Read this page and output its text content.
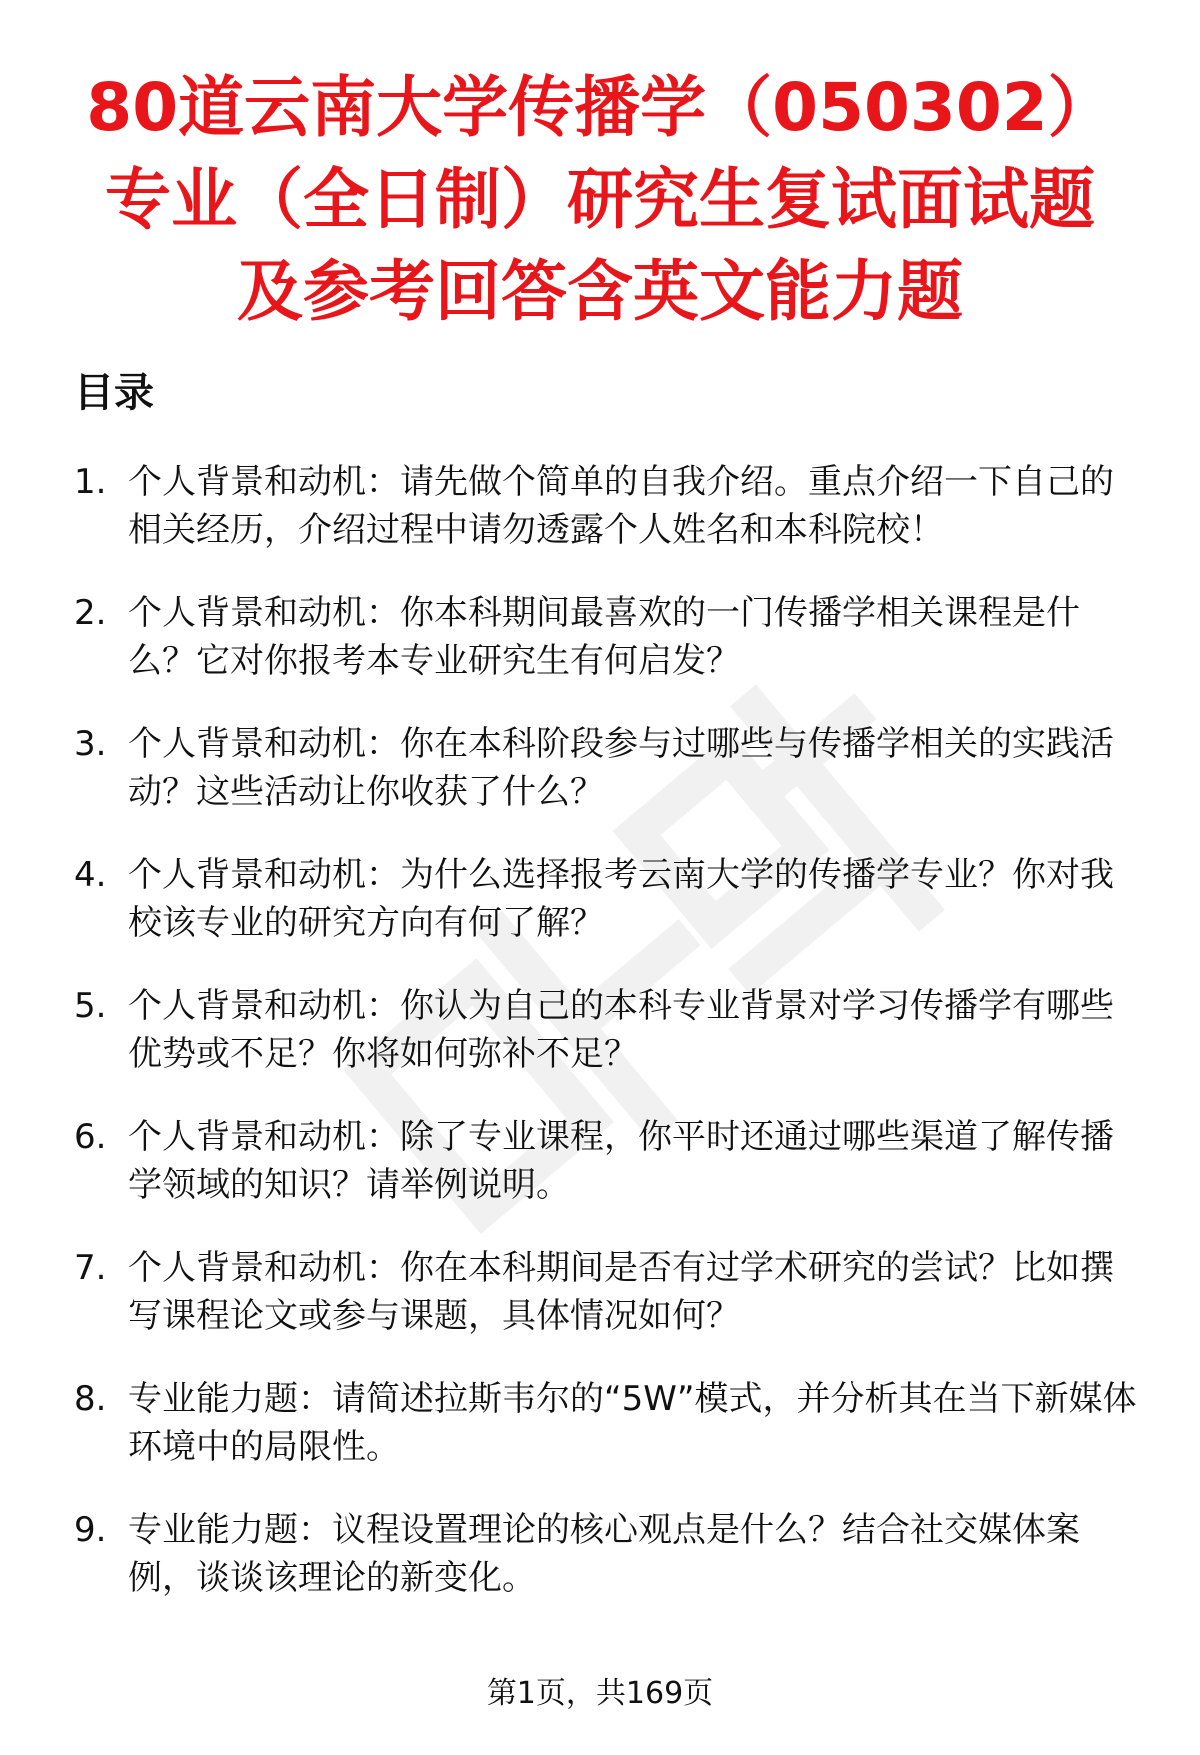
80道云南大学传播学（050302）
专业（全日制）研究生复试面试题
及参考回答含英文能力题
目录
1. 个人背景和动机：请先做个简单的自我介绍。重点介绍一下自己的相关经历，介绍过程中请勿透露个人姓名和本科院校！
2. 个人背景和动机：你本科期间最喜欢的一门传播学相关课程是什么？它对你报考本专业研究生有何启发？
3. 个人背景和动机：你在本科阶段参与过哪些与传播学相关的实践活动？这些活动让你收获了什么？
4. 个人背景和动机：为什么选择报考云南大学的传播学专业？你对我校该专业的研究方向有何了解？
5. 个人背景和动机：你认为自己的本科专业背景对学习传播学有哪些优势或不足？你将如何弥补不足？
6. 个人背景和动机：除了专业课程，你平时还通过哪些渠道了解传播学领域的知识？请举例说明。
7. 个人背景和动机：你在本科期间是否有过学术研究的尝试？比如撰写课程论文或参与课题，具体情况如何？
8. 专业能力题：请简述拉斯韦尔的“5W”模式，并分析其在当下新媒体环境中的局限性。
9. 专业能力题：议程设置理论的核心观点是什么？结合社交媒体案例，谈谈该理论的新变化。
第1页，共169页
